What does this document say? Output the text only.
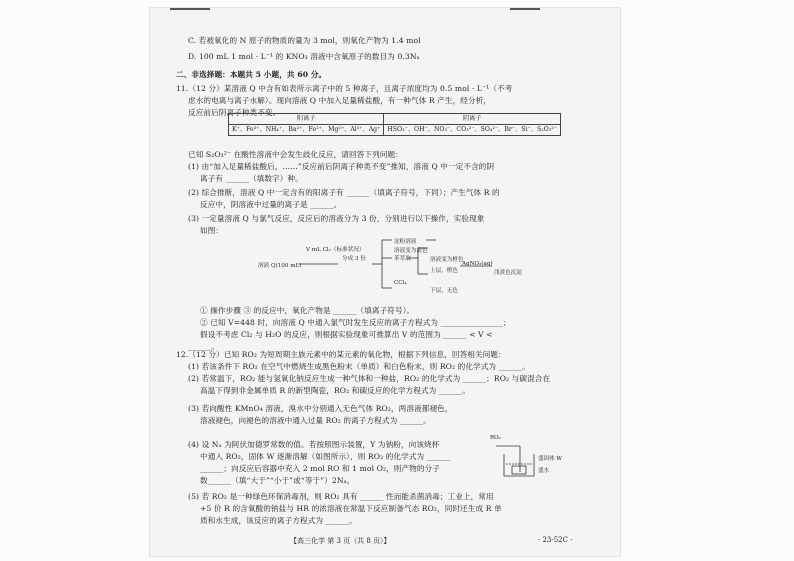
C. 若被氧化的 N 原子的物质的量为 3 mol，则氧化产物为 1.4 mol
D. 100 mL 1 mol · L⁻¹ 的 KNO₃ 溶液中含氧原子的数目为 0.3Nₐ
二、非选择题：本题共 5 小题，共 60 分。
11.（12 分）某溶液 Q 中含有如表所示离子中的 5 种离子，且离子浓度均为 0.5 mol · L⁻¹（不考
虑水的电离与离子水解）。现向溶液 Q 中加入足量稀盐酸，有一种气体 R 产生，经分析，
反应前后阴离子种类不变。
已知 S₂O₃²⁻ 在酸性溶液中会发生歧化反应，请回答下列问题：
(1) 由“加入足量稀盐酸后，……”反应前后阴离子种类不变”推知，溶液 Q 中一定不含的阴
离子有 ______（填数字）种。
(2) 综合推断，溶液 Q 中一定含有的阳离子有 ______（填离子符号，下同）；产生气体 R 的
反应中，阴溶液中过量的离子是 ______。
(3) 一定量溶液 Q 与氯气反应，反应后的溶液分为 3 份，分别进行以下操作，实验现象
如图：
溶液 Q(100 mL)
V mL Cl₂（标准状况）
分成 3 份
淀粉溶液
溶液变为蓝色
苯萃取	溶液变为橙色
上层，橙色
AgNO₃(aq)
浅黄色沉淀
CCl₄
下层，无色
① 操作步骤 ③ 的反应中，氧化产物是 ______（填离子符号）。
② 已知 V=448 时，向溶液 Q 中通入氯气时发生反应的离子方程式为 ________________；
假设不考虑 Cl₂ 与 H₂O 的反应，则根据实验现象可推算出 V 的范围为 ______ < V <
______。
12.（12 分）已知 RO₂ 为短周期主族元素中的某元素的氧化物，根据下列信息，回答相关问题：
(1) 若该条件下 RO₂ 在空气中燃烧生成黑色粉末（单质）和白色粉末，则 RO₂ 的化学式为 ______。
(2) 若常温下，RO₂ 能与氢氧化钠反应生成一种气体和一种盐，RO₂ 的化学式为 ______；RO₂ 与碳混合在
高温下得到非金属单质 R 的新型陶瓷，RO₂ 和碳反应的化学方程式为 ______。
(3) 若向酸性 KMnO₄ 溶液，溴水中分别通入无色气体 RO₂，两溶液都褪色，
溶液褪色，向褪色的溶液中通入过量 RO₂ 的离子方程式为 ______。
(4) 设 Nₐ 为阿伏加德罗常数的值。若按照图示装置，Y 为钠粉，向该烧杯
中通入 RO₂，固体 W 逐渐溶解（如图所示），则 RO₂ 的化学式为 ______
______；向反应后容器中充入 2 mol RO 和 1 mol O₂，则产物的分子
数______（填“大于”“小于”或“等于”）2Nₐ。
(5) 若 RO₂ 是一种绿色环保消毒剂，则 RO₂ 具有 ______ 性而能杀菌消毒；工业上，常用
+5 价 R 的含氧酸的钠盐与 HR 的浓溶液在常温下反应制备气态 RO₂，同时还生成 R 单
质和水生成，该反应的离子方程式为 ______。
RO₂
盛固体 W
盛水
【高三化学 第 3 页（共 8 页）】	· 23-52C ·
阳离子	阴离子
K⁺、Fe³⁺、NH₄⁺、Ba²⁺、Fe²⁺、Mg²⁺、Al³⁺、Ag⁺	HSO₃⁻、OH⁻、NO₃⁻、CO₃²⁻、SO₄²⁻、Br⁻、Si⁻、S₂O₃²⁻
